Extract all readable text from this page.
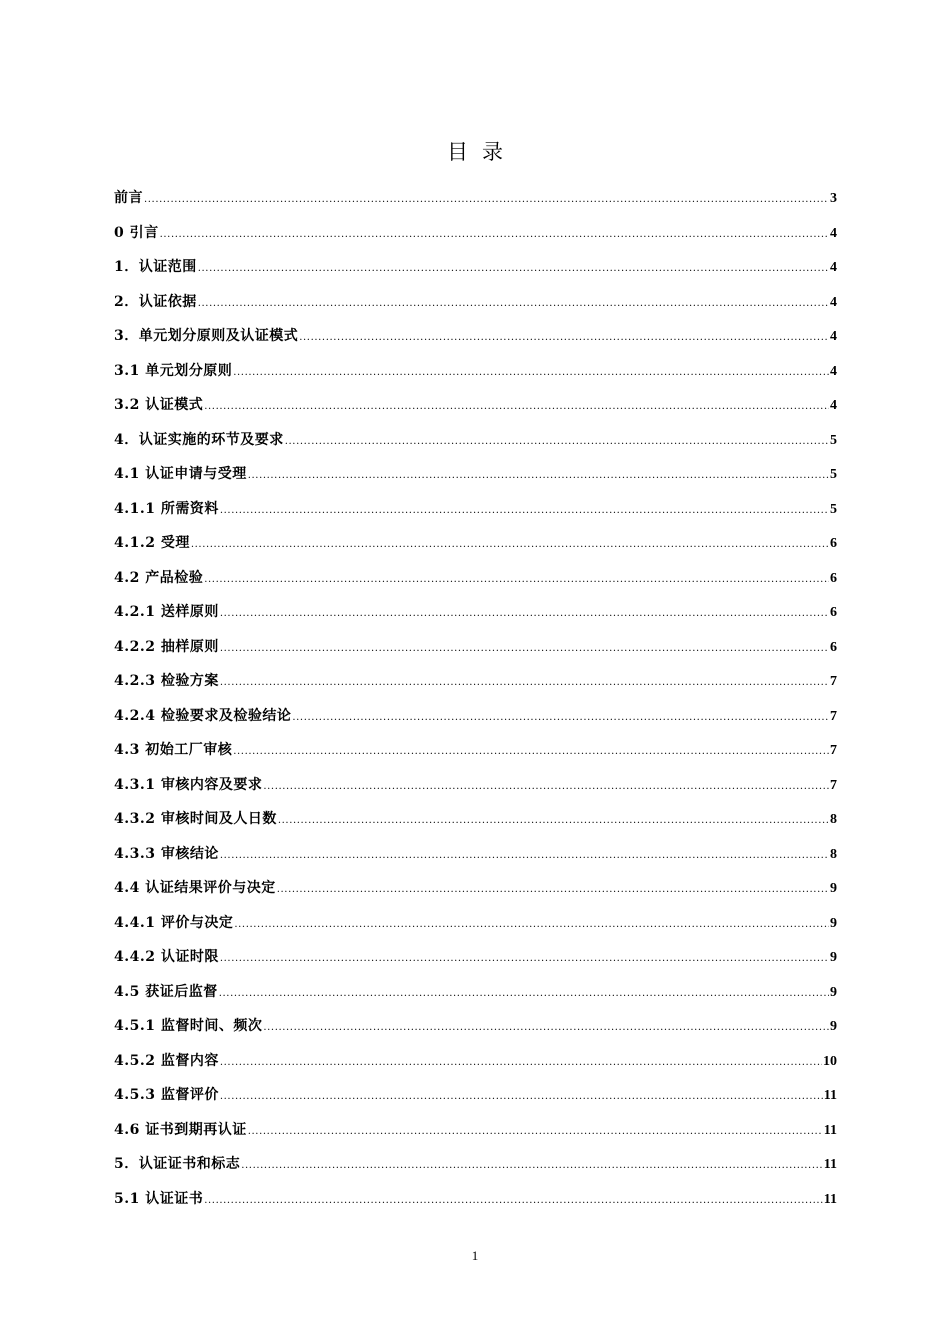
目录
前言 .....	3
0 引言 .....	4
1．认证范围 .....	4
2．认证依据 .....	4
3．单元划分原则及认证模式 .....	4
3.1 单元划分原则 .....	4
3.2 认证模式 .....	4
4．认证实施的环节及要求 .....	5
4.1 认证申请与受理 .....	5
4.1.1 所需资料 .....	5
4.1.2 受理 .....	6
4.2 产品检验 .....	6
4.2.1 送样原则 .....	6
4.2.2 抽样原则 .....	6
4.2.3 检验方案 .....	7
4.2.4 检验要求及检验结论 .....	7
4.3 初始工厂审核 .....	7
4.3.1 审核内容及要求 .....	7
4.3.2 审核时间及人日数 .....	8
4.3.3 审核结论 .....	8
4.4 认证结果评价与决定 .....	9
4.4.1 评价与决定 .....	9
4.4.2 认证时限 .....	9
4.5 获证后监督 .....	9
4.5.1 监督时间、频次 .....	9
4.5.2 监督内容 .....	10
4.5.3 监督评价 .....	11
4.6 证书到期再认证 .....	11
5．认证证书和标志 .....	11
5.1 认证证书 .....	11
1
